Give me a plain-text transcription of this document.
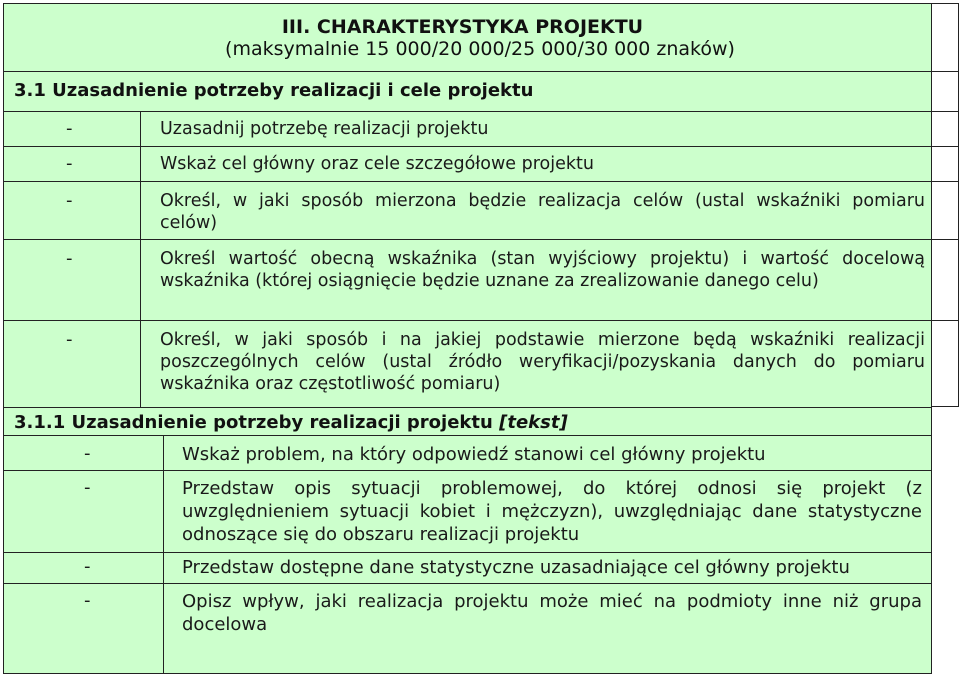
III. CHARAKTERYSTYKA PROJEKTU
(maksymalnie 15 000/20 000/25 000/30 000 znaków)
3.1 Uzasadnienie potrzeby realizacji i cele projektu
-	Uzasadnij potrzebę realizacji projektu
-	Wskaż cel główny oraz cele szczegółowe projektu
-	Określ, w jaki sposób mierzona będzie realizacja celów (ustal wskaźniki pomiaru celów)
-	Określ wartość obecną wskaźnika (stan wyjściowy projektu) i wartość docelową wskaźnika (której osiągnięcie będzie uznane za zrealizowanie danego celu)
-	Określ, w jaki sposób i na jakiej podstawie mierzone będą wskaźniki realizacji poszczególnych celów (ustal źródło weryfikacji/pozyskania danych do pomiaru wskaźnika oraz częstotliwość pomiaru)
3.1.1 Uzasadnienie potrzeby realizacji projektu [tekst]
-	Wskaż problem, na który odpowiedź stanowi cel główny projektu
-	Przedstaw opis sytuacji problemowej, do której odnosi się projekt (z uwzględnieniem sytuacji kobiet i mężczyzn), uwzględniając dane statystyczne odnoszące się do obszaru realizacji projektu
-	Przedstaw dostępne dane statystyczne uzasadniające cel główny projektu
-	Opisz wpływ, jaki realizacja projektu może mieć na podmioty inne niż grupa docelowa
